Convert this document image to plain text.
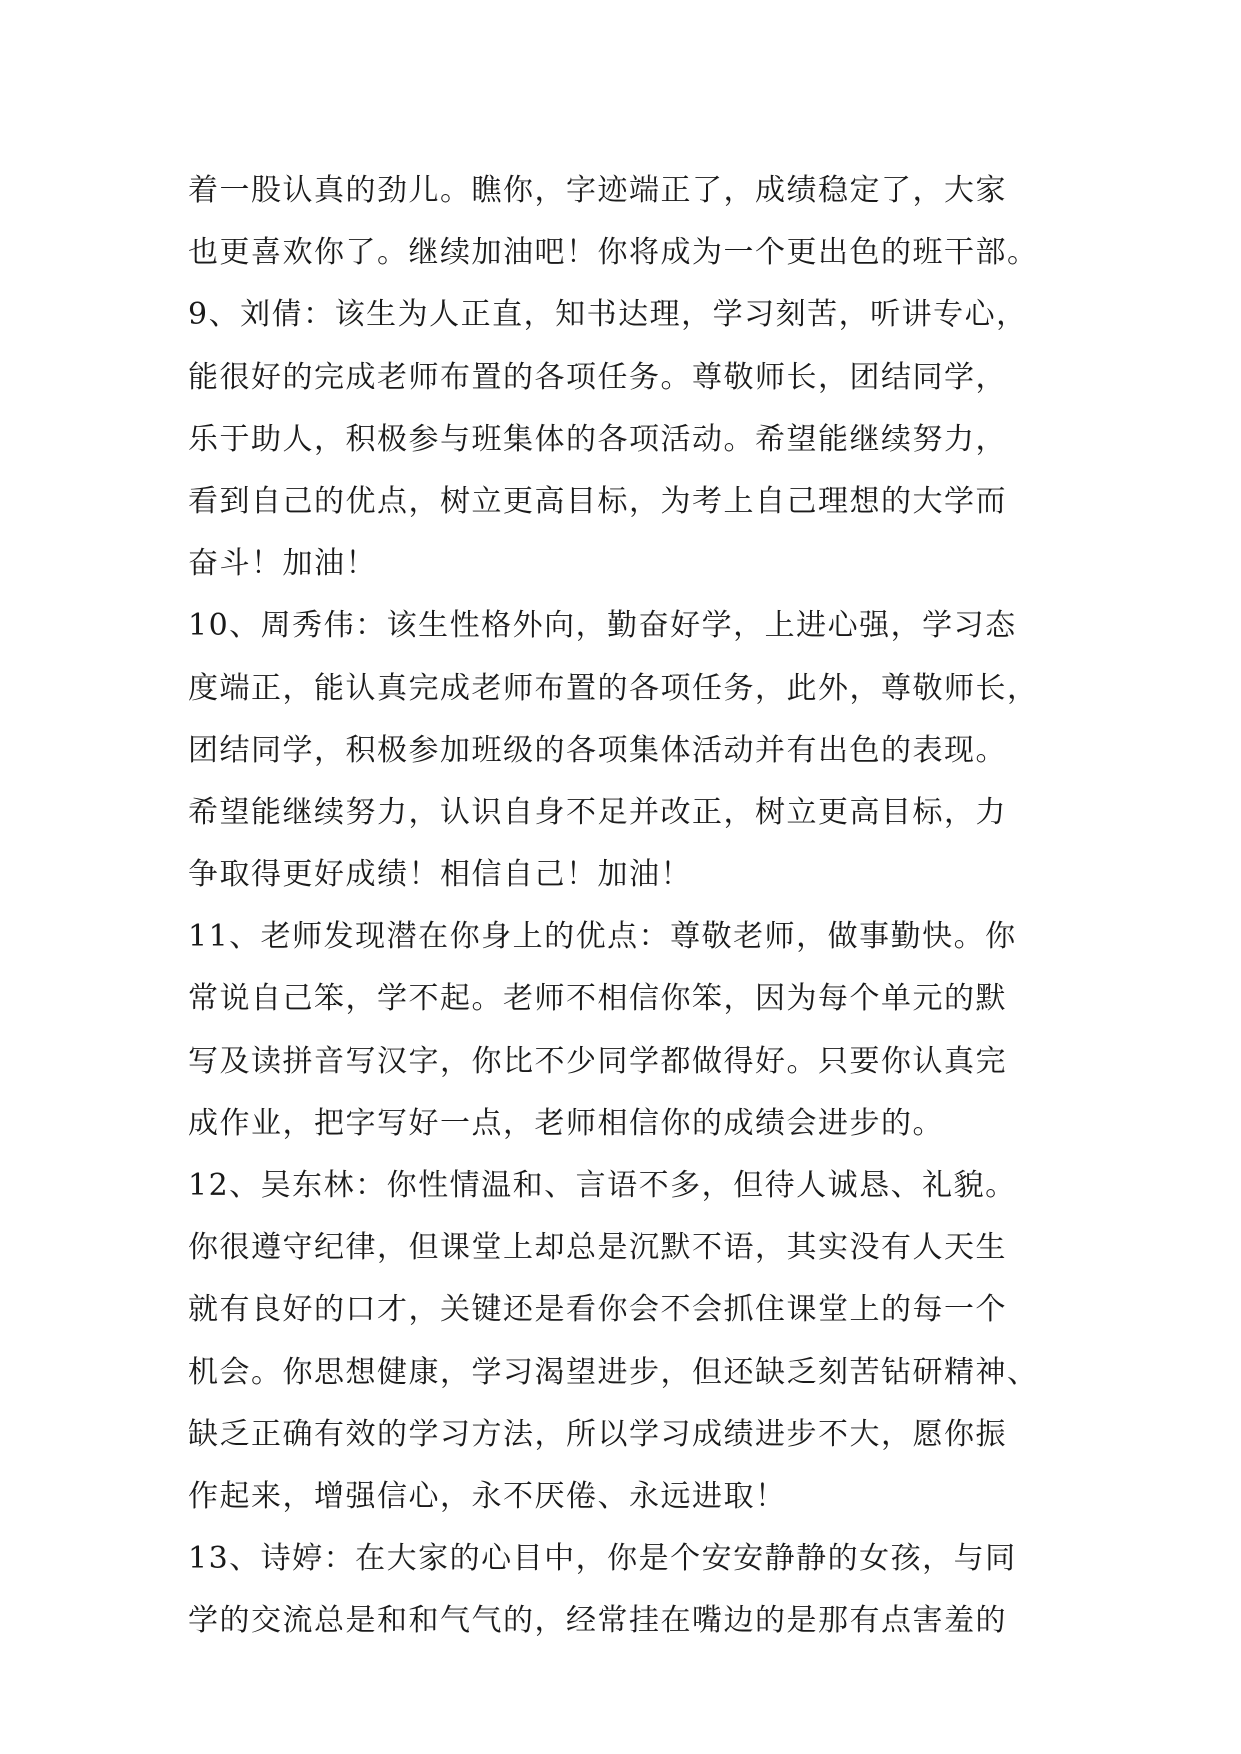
着一股认真的劲儿。瞧你，字迹端正了，成绩稳定了，大家
也更喜欢你了。继续加油吧！你将成为一个更出色的班干部。
9、刘倩：该生为人正直，知书达理，学习刻苦，听讲专心，
能很好的完成老师布置的各项任务。尊敬师长，团结同学，
乐于助人，积极参与班集体的各项活动。希望能继续努力，
看到自己的优点，树立更高目标，为考上自己理想的大学而
奋斗！加油！
10、周秀伟：该生性格外向，勤奋好学，上进心强，学习态
度端正，能认真完成老师布置的各项任务，此外，尊敬师长，
团结同学，积极参加班级的各项集体活动并有出色的表现。
希望能继续努力，认识自身不足并改正，树立更高目标，力
争取得更好成绩！相信自己！加油！
11、老师发现潜在你身上的优点：尊敬老师，做事勤快。你
常说自己笨，学不起。老师不相信你笨，因为每个单元的默
写及读拼音写汉字，你比不少同学都做得好。只要你认真完
成作业，把字写好一点，老师相信你的成绩会进步的。
12、吴东林：你性情温和、言语不多，但待人诚恳、礼貌。
你很遵守纪律，但课堂上却总是沉默不语，其实没有人天生
就有良好的口才，关键还是看你会不会抓住课堂上的每一个
机会。你思想健康，学习渴望进步，但还缺乏刻苦钻研精神、
缺乏正确有效的学习方法，所以学习成绩进步不大，愿你振
作起来，增强信心，永不厌倦、永远进取！
13、诗婷：在大家的心目中，你是个安安静静的女孩，与同
学的交流总是和和气气的，经常挂在嘴边的是那有点害羞的
